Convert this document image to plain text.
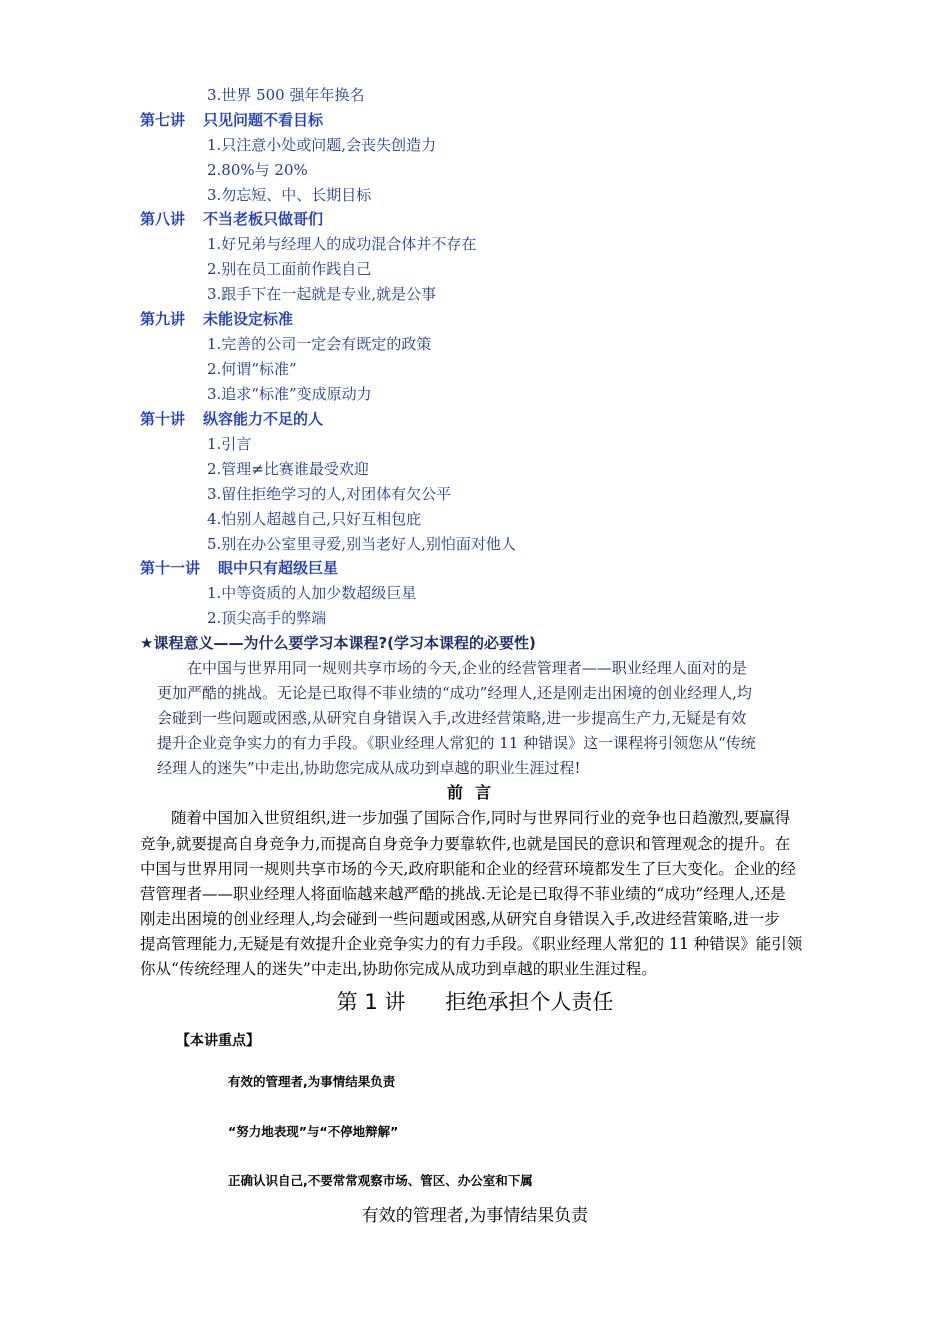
3.世界 500 强年年换名
第七讲 只见问题不看目标
1.只注意小处或问题,会丧失创造力
2.80%与 20%
3.勿忘短、中、长期目标
第八讲 不当老板只做哥们
1.好兄弟与经理人的成功混合体并不存在
2.别在员工面前作践自己
3.跟手下在一起就是专业,就是公事
第九讲 未能设定标准
1.完善的公司一定会有既定的政策
2.何谓“标准”
3.追求“标准”变成原动力
第十讲 纵容能力不足的人
1.引言
2.管理≠比赛谁最受欢迎
3.留住拒绝学习的人,对团体有欠公平
4.怕别人超越自己,只好互相包庇
5.别在办公室里寻爱,别当老好人,别怕面对他人
第十一讲 眼中只有超级巨星
1.中等资质的人加少数超级巨星
2.顶尖高手的弊端
★课程意义——为什么要学习本课程?(学习本课程的必要性)
　　在中国与世界用同一规则共享市场的今天,企业的经营管理者——职业经理人面对的是
更加严酷的挑战。无论是已取得不菲业绩的“成功”经理人,还是刚走出困境的创业经理人,均
会碰到一些问题或困惑,从研究自身错误入手,改进经营策略,进一步提高生产力,无疑是有效
提升企业竞争实力的有力手段。《职业经理人常犯的 11 种错误》这一课程将引领您从“传统
经理人的迷失”中走出,协助您完成从成功到卓越的职业生涯过程!
前言
　　随着中国加入世贸组织,进一步加强了国际合作,同时与世界同行业的竞争也日趋激烈,要赢得
竞争,就要提高自身竞争力,而提高自身竞争力要靠软件,也就是国民的意识和管理观念的提升。在
中国与世界用同一规则共享市场的今天,政府职能和企业的经营环境都发生了巨大变化。企业的经
营管理者——职业经理人将面临越来越严酷的挑战.无论是已取得不菲业绩的“成功”经理人,还是
刚走出困境的创业经理人,均会碰到一些问题或困惑,从研究自身错误入手,改进经营策略,进一步
提高管理能力,无疑是有效提升企业竞争实力的有力手段。《职业经理人常犯的 11 种错误》能引领
你从“传统经理人的迷失”中走出,协助你完成从成功到卓越的职业生涯过程。
第 1 讲 拒绝承担个人责任
【本讲重点】
有效的管理者,为事情结果负责
“努力地表现”与“不停地辩解”
正确认识自己,不要常常观察市场、管区、办公室和下属
有效的管理者,为事情结果负责
